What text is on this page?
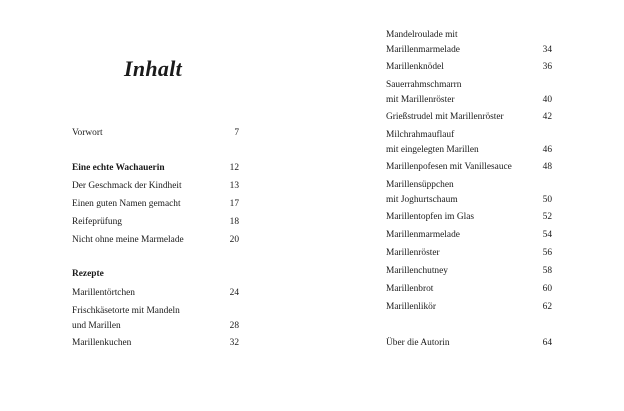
Inhalt
Vorwort	7
Eine echte Wachauerin	12
Der Geschmack der Kindheit	13
Einen guten Namen gemacht	17
Reifeprüfung	18
Nicht ohne meine Marmelade	20
Rezepte
Marillentörtchen	24
Frischkäsetorte mit Mandeln
und Marillen	28
Marillenkuchen	32
Mandelroulade mit
Marillenmarmelade	34
Marillenknödel	36
Sauerrahmschmarrn
mit Marillenröster	40
Grießstrudel mit Marillenröster	42
Milchrahmauflauf
mit eingelegten Marillen	46
Marillenpofesen mit Vanillesauce	48
Marillensüppchen
mit Joghurtschaum	50
Marillentopfen im Glas	52
Marillenmarmelade	54
Marillenröster	56
Marillenchutney	58
Marillenbrot	60
Marillenlikör	62
Über die Autorin	64
